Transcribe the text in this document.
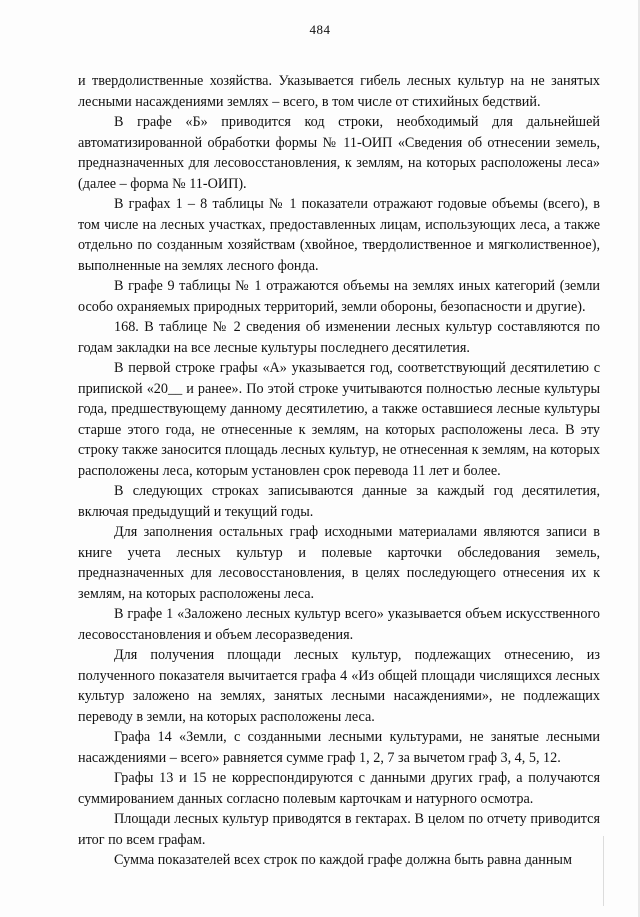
484

и твердолиственные хозяйства. Указывается гибель лесных культур на не занятых лесными насаждениями землях – всего, в том числе от стихийных бедствий.

В графе «Б» приводится код строки, необходимый для дальнейшей автоматизированной обработки формы № 11-ОИП «Сведения об отнесении земель, предназначенных для лесовосстановления, к землям, на которых расположены леса» (далее – форма № 11-ОИП).

В графах 1 – 8 таблицы № 1 показатели отражают годовые объемы (всего), в том числе на лесных участках, предоставленных лицам, использующих леса, а также отдельно по созданным хозяйствам (хвойное, твердолиственное и мягколиственное), выполненные на землях лесного фонда.

В графе 9 таблицы № 1 отражаются объемы на землях иных категорий (земли особо охраняемых природных территорий, земли обороны, безопасности и другие).

168. В таблице № 2 сведения об изменении лесных культур составляются по годам закладки на все лесные культуры последнего десятилетия.

В первой строке графы «А» указывается год, соответствующий десятилетию с припиской «20__ и ранее». По этой строке учитываются полностью лесные культуры года, предшествующему данному десятилетию, а также оставшиеся лесные культуры старше этого года, не отнесенные к землям, на которых расположены леса. В эту строку также заносится площадь лесных культур, не отнесенная к землям, на которых расположены леса, которым установлен срок перевода 11 лет и более.

В следующих строках записываются данные за каждый год десятилетия, включая предыдущий и текущий годы.

Для заполнения остальных граф исходными материалами являются записи в книге учета лесных культур и полевые карточки обследования земель, предназначенных для лесовосстановления, в целях последующего отнесения их к землям, на которых расположены леса.

В графе 1 «Заложено лесных культур всего» указывается объем искусственного лесовосстановления и объем лесоразведения.

Для получения площади лесных культур, подлежащих отнесению, из полученного показателя вычитается графа 4 «Из общей площади числящихся лесных культур заложено на землях, занятых лесными насаждениями», не подлежащих переводу в земли, на которых расположены леса.

Графа 14 «Земли, с созданными лесными культурами, не занятые лесными насаждениями – всего» равняется сумме граф 1, 2, 7 за вычетом граф 3, 4, 5, 12.

Графы 13 и 15 не корреспондируются с данными других граф, а получаются суммированием данных согласно полевым карточкам и натурного осмотра.

Площади лесных культур приводятся в гектарах. В целом по отчету приводится итог по всем графам.

Сумма показателей всех строк по каждой графе должна быть равна данным
